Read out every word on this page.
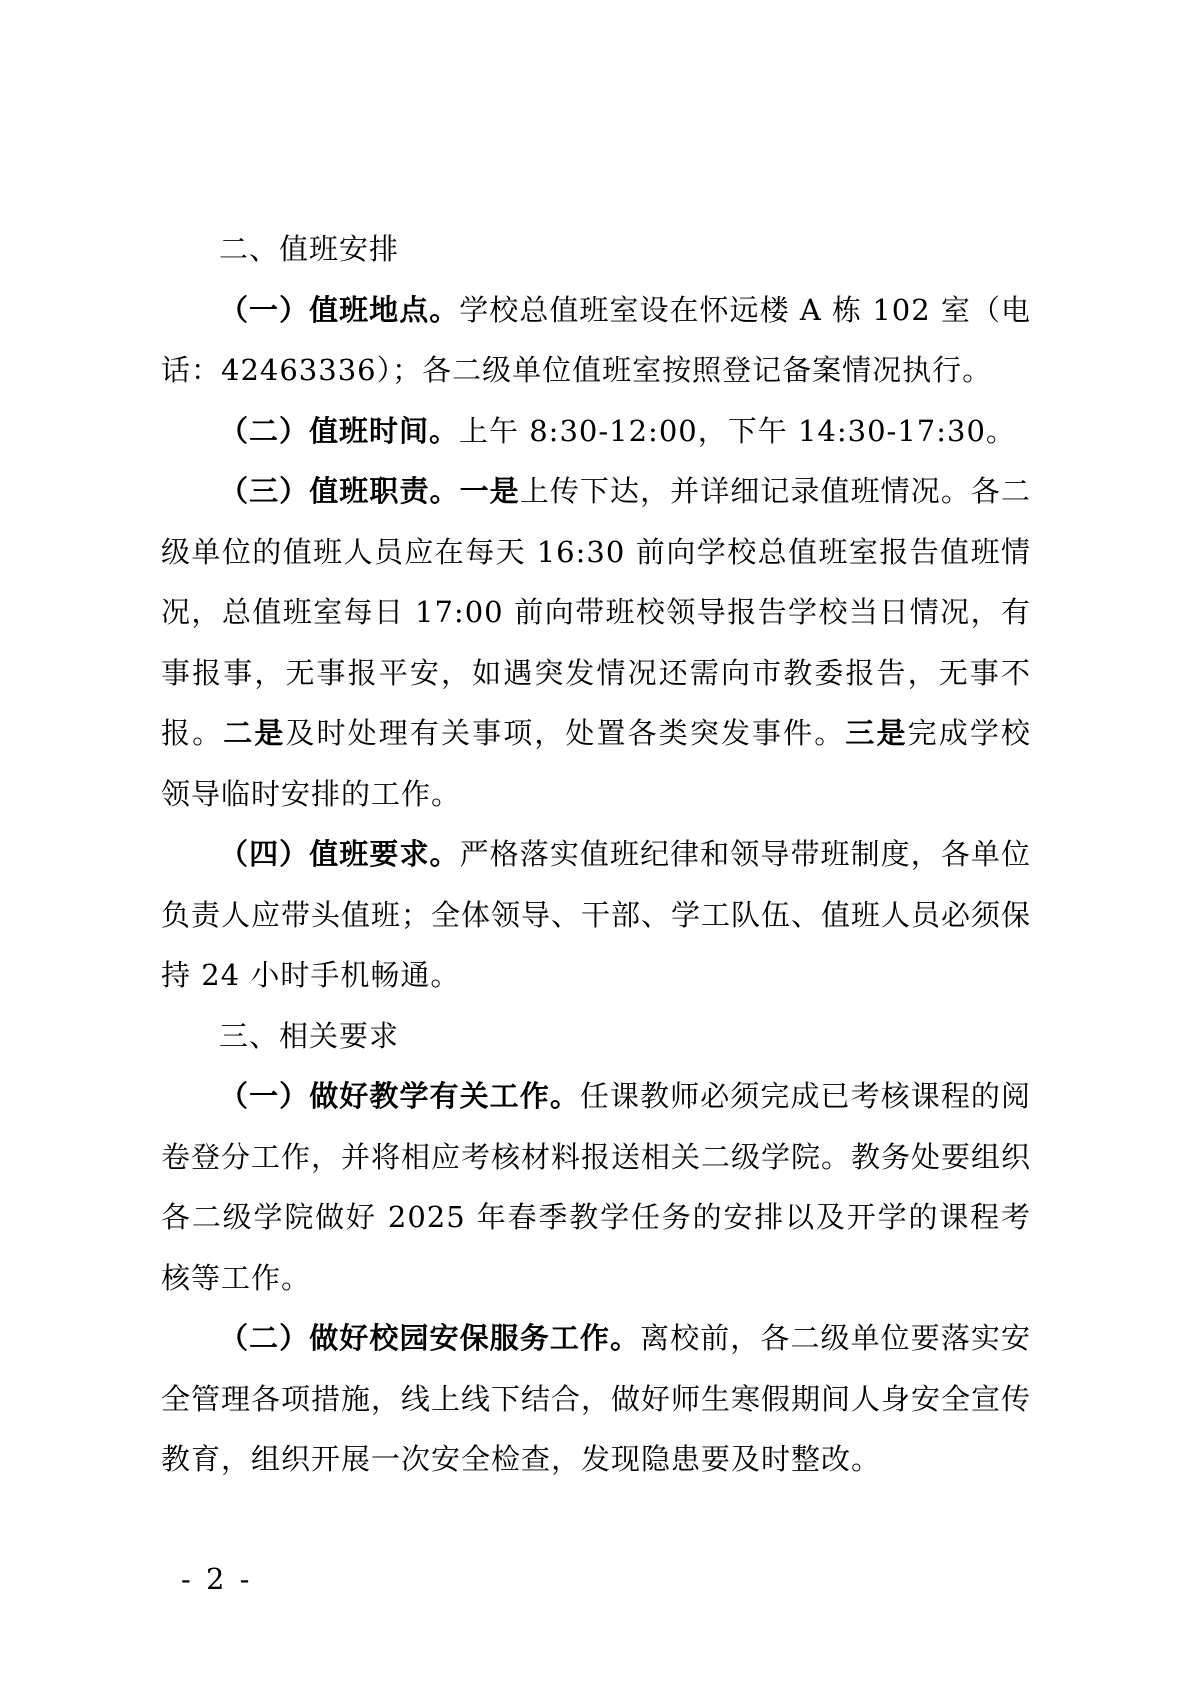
二、值班安排

（一）值班地点。学校总值班室设在怀远楼 A 栋 102 室（电话：42463336）；各二级单位值班室按照登记备案情况执行。

（二）值班时间。上午 8:30-12:00，下午 14:30-17:30。

（三）值班职责。一是上传下达，并详细记录值班情况。各二级单位的值班人员应在每天 16:30 前向学校总值班室报告值班情况，总值班室每日 17:00 前向带班校领导报告学校当日情况，有事报事，无事报平安，如遇突发情况还需向市教委报告，无事不报。二是及时处理有关事项，处置各类突发事件。三是完成学校领导临时安排的工作。

（四）值班要求。严格落实值班纪律和领导带班制度，各单位负责人应带头值班；全体领导、干部、学工队伍、值班人员必须保持 24 小时手机畅通。

三、相关要求

（一）做好教学有关工作。任课教师必须完成已考核课程的阅卷登分工作，并将相应考核材料报送相关二级学院。教务处要组织各二级学院做好 2025 年春季教学任务的安排以及开学的课程考核等工作。

（二）做好校园安保服务工作。离校前，各二级单位要落实安全管理各项措施，线上线下结合，做好师生寒假期间人身安全宣传教育，组织开展一次安全检查，发现隐患要及时整改。

- 2 -
